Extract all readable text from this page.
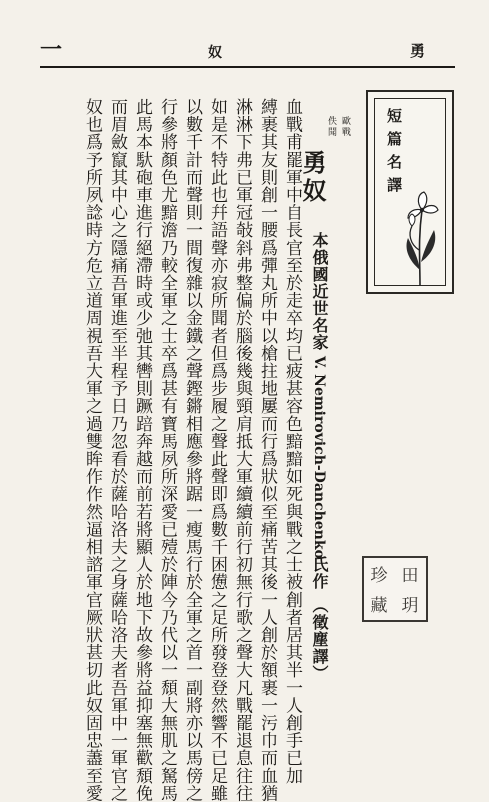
一	奴	勇
短篇名譯
歐戰
佚聞
勇奴
本俄國近世名家
V. Nemirovich-Danchenko
氏作
（徵塵譯）
血戰甫罷軍中自長官至於走卒均已疲甚容色黯黯如死與戰之士被創者居其半一人創手已加
縛裹其友則創一腰爲彈丸所中以槍拄地屢而行爲狀似至痛苦其後一人創於額裹一污巾而血猶
淋淋下弗已軍冠敧斜弗整偏於腦後幾與頸肩抵大軍續續前行初無行歌之聲大凡戰罷退息往往
如是不特此也幷語聲亦寂所聞者但爲步履之聲此聲即爲數千困憊之足所發登登然響不已足雖
以數千計而聲則一間復雜以金鐵之聲鏗鏘相應參將踞一瘦馬行於全軍之首一副將亦以馬傍之
行參將顏色尤黯澹乃較全軍之士卒爲甚有寶馬夙所深愛已殪於陣今乃代以一頹大無肌之駑馬
此馬本馱砲車進行絕滯時或少弛其轡則蹶踣奔越而前若將顯人於地下故參將益抑塞無歡頹俛
而眉斂竄其中心之隱痛吾軍進至半程予日乃忽看於薩哈洛夫之身薩哈洛夫者吾軍中一軍官之
奴也爲予所夙諗時方危立道周視吾大軍之過雙眸作作然逼相諮軍官厥狀甚切此奴固忠藎至愛	田
玥
珍
藏
